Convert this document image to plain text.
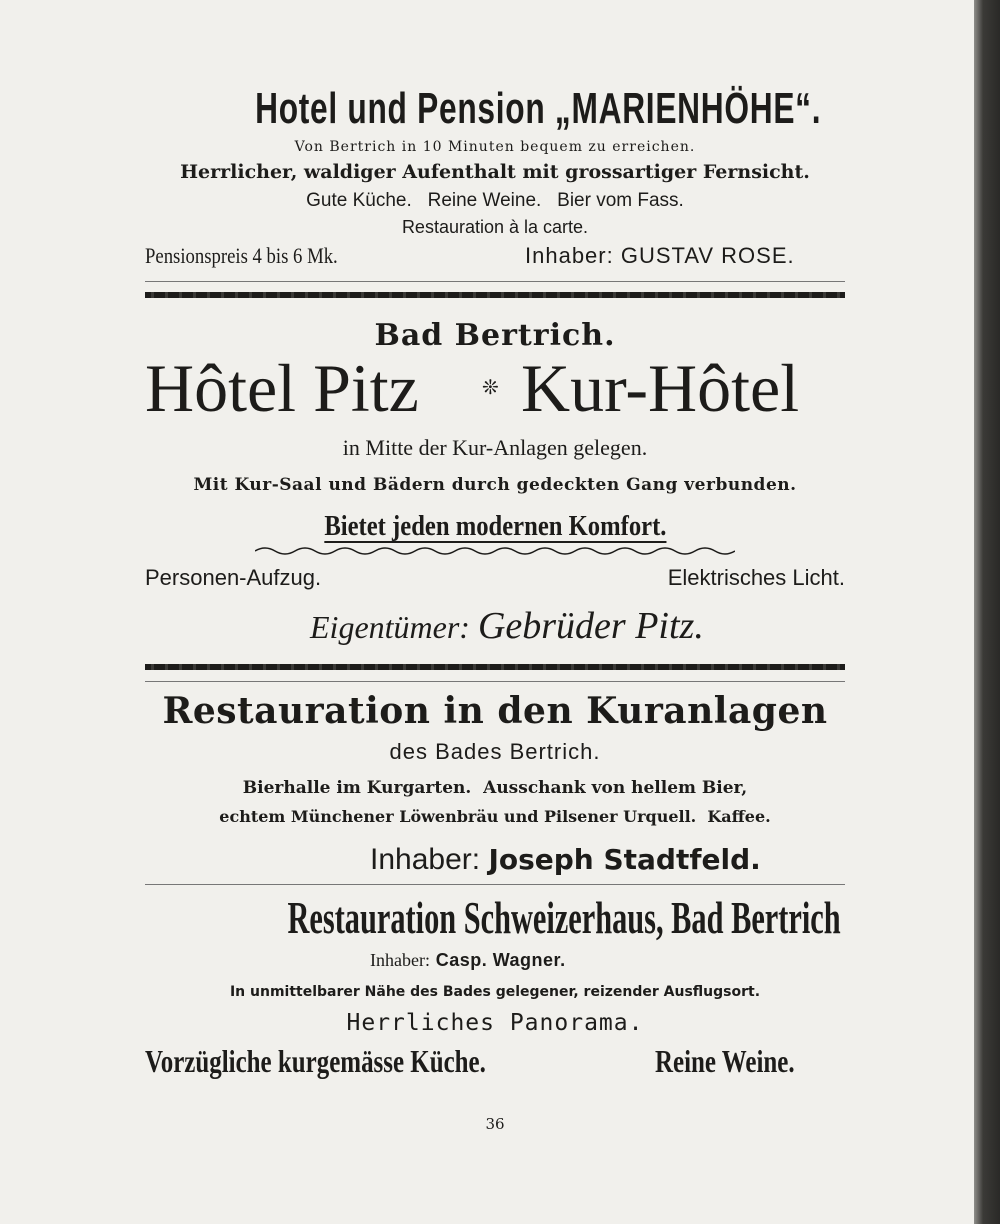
Hotel und Pension „MARIENHÖHE“.
Von Bertrich in 10 Minuten bequem zu erreichen.
Herrlicher, waldiger Aufenthalt mit grossartiger Fernsicht.
Gute Küche.   Reine Weine.   Bier vom Fass.
Restauration à la carte.
Pensionspreis 4 bis 6 Mk.	Inhaber: GUSTAV ROSE.
Bad Bertrich.
Hôtel Pitz	❊ Kur-Hôtel
in Mitte der Kur-Anlagen gelegen.
Mit Kur-Saal und Bädern durch gedeckten Gang verbunden.
Bietet jeden modernen Komfort.
Personen-Aufzug.	Elektrisches Licht.
Eigentümer: Gebrüder Pitz.
Restauration in den Kuranlagen
des Bades Bertrich.
Bierhalle im Kurgarten.  Ausschank von hellem Bier,
echtem Münchener Löwenbräu und Pilsener Urquell.  Kaffee.
Inhaber: Joseph Stadtfeld.
Restauration Schweizerhaus, Bad Bertrich
Inhaber: Casp. Wagner.
In unmittelbarer Nähe des Bades gelegener, reizender Ausflugsort.
Herrliches Panorama.
Vorzügliche kurgemässe Küche.	Reine Weine.
36
